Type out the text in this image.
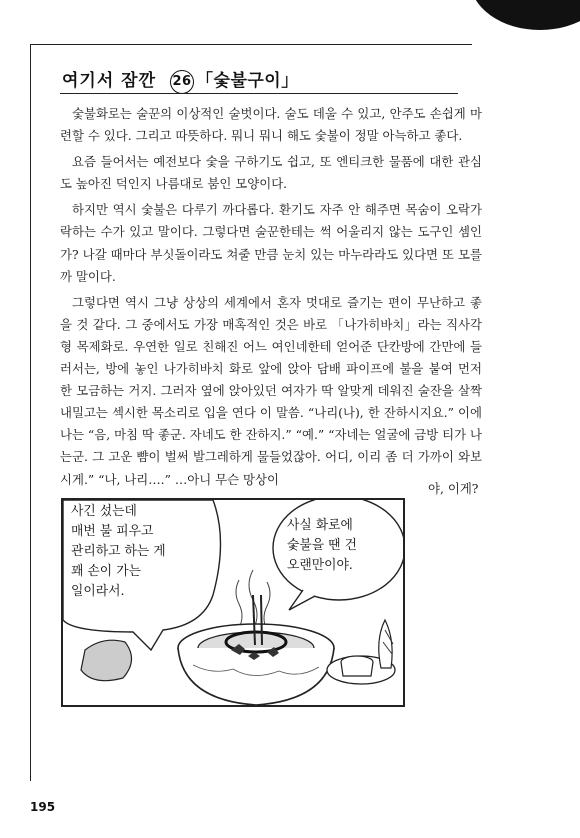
여기서 잠깐 26 「숯불구이」

숯불화로는 술꾼의 이상적인 술벗이다. 술도 데울 수 있고, 안주도 손쉽게 마련할 수 있다. 그리고 따뜻하다. 뭐니 뭐니 해도 숯불이 정말 아늑하고 좋다.

요즘 들어서는 예전보다 숯을 구하기도 쉽고, 또 엔티크한 물품에 대한 관심도 높아진 덕인지 나름대로 붐인 모양이다.

하지만 역시 숯불은 다루기 까다롭다. 환기도 자주 안 해주면 목숨이 오락가락하는 수가 있고 말이다. 그렇다면 술꾼한테는 썩 어울리지 않는 도구인 셈인가? 나갈 때마다 부싯돌이라도 쳐줄 만큼 눈치 있는 마누라라도 있다면 또 모를까 말이다.

그렇다면 역시 그냥 상상의 세계에서 혼자 멋대로 즐기는 편이 무난하고 좋을 것 같다. 그 중에서도 가장 매혹적인 것은 바로 「나가히바치」라는 직사각형 목제화로. 우연한 일로 친해진 어느 여인네한테 얻어준 단칸방에 간만에 들러서는, 방에 놓인 나가히바치 화로 앞에 앉아 담배 파이프에 불을 붙여 먼저 한 모금하는 거지. 그러자 옆에 앉아있던 여자가 딱 알맞게 데워진 술잔을 살짝 내밀고는 섹시한 목소리로 입을 연다 이 말씀. “나리(나), 한 잔하시지요.” 이에 나는 “음, 마침 딱 좋군. 자네도 한 잔하지.” “예.” “자네는 얼굴에 금방 티가 나는군. 그 고운 뺨이 벌써 발그레하게 물들었잖아. 어디, 이리 좀 더 가까이 와보시게.” “나, 나리….” …아니 무슨 망상이

야, 이게?
사긴 섰는데
매번 불 피우고
관리하고 하는 게
꽤 손이 가는
일이라서.
사실 화로에
숯불을 땐 건
오랜만이야.
195
